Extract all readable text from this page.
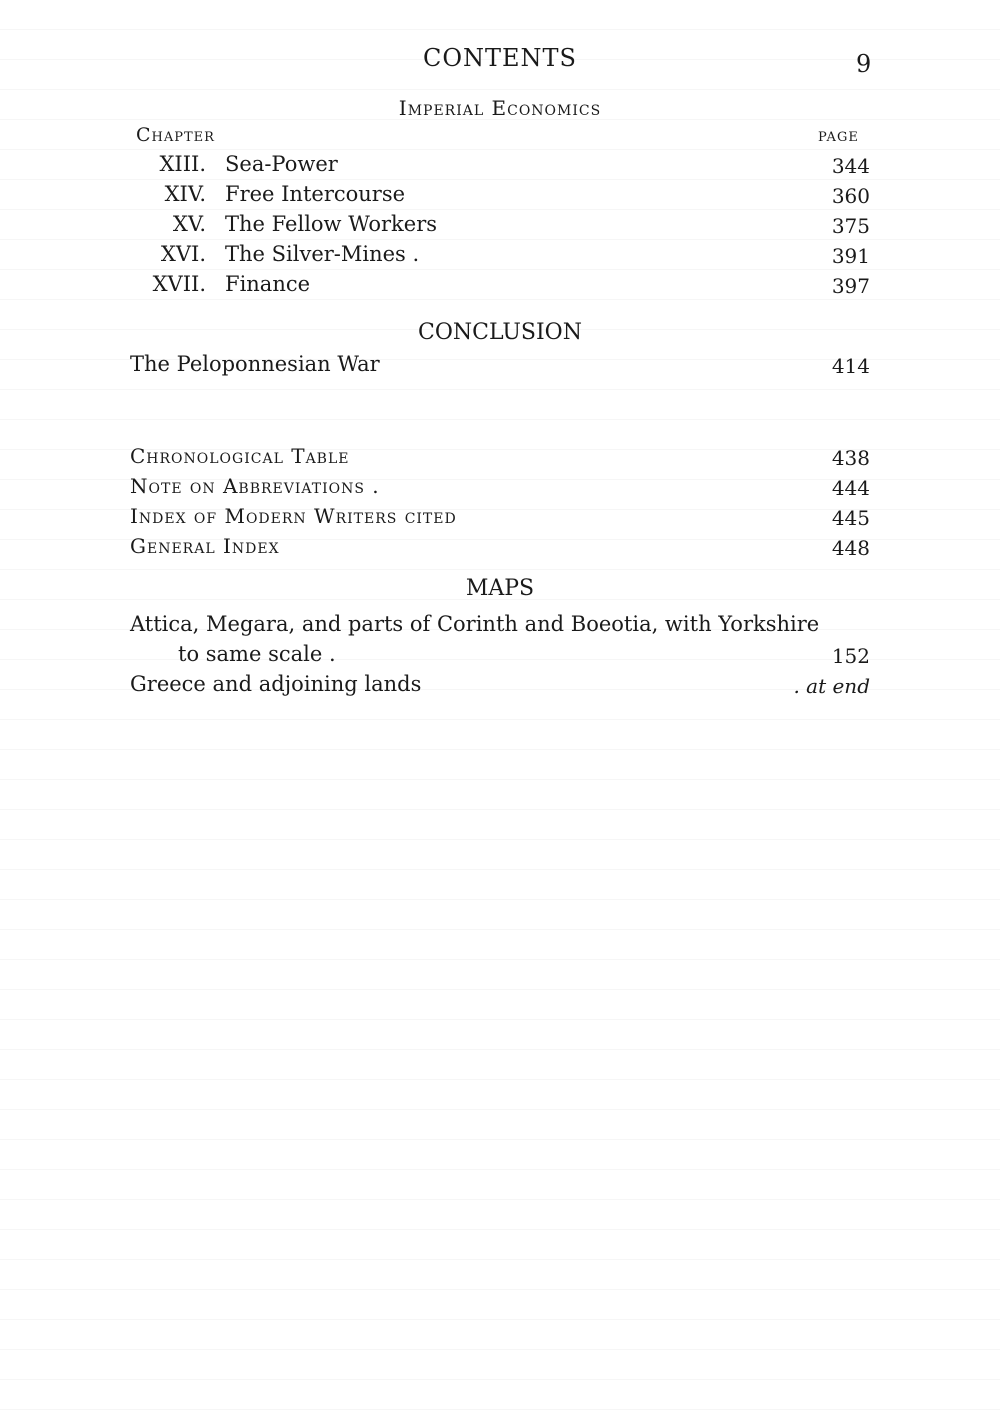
CONTENTS	9
Imperial Economics
Chapter	page
XIII. Sea-Power	344
XIV. Free Intercourse	360
XV. The Fellow Workers	375
XVI. The Silver-Mines .	391
XVII. Finance	397
CONCLUSION
The Peloponnesian War	414
Chronological Table	438
Note on Abbreviations .	444
Index of Modern Writers cited	445
General Index	448
MAPS
Attica, Megara, and parts of Corinth and Boeotia, with Yorkshire
to same scale .	152
Greece and adjoining lands	. at end
